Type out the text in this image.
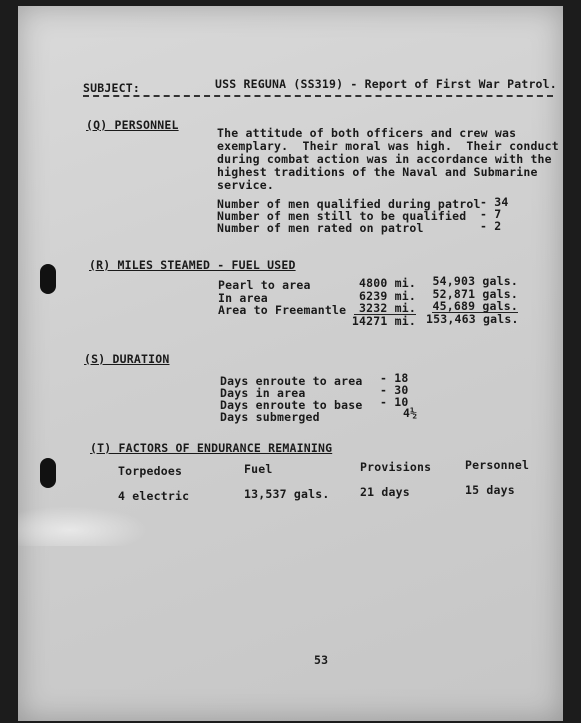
SUBJECT:	USS REGUNA (SS319) - Report of First War Patrol.
(Q) PERSONNEL
The attitude of both officers and crew was
exemplary.  Their moral was high.  Their conduct
during combat action was in accordance with the
highest traditions of the Naval and Submarine
service.
Number of men qualified during patrol - 34
Number of men still to be qualified - 7
Number of men rated on patrol	- 2
(R) MILES STEAMED - FUEL USED
Pearl to area	4800 mi.	54,903 gals.
In area	6239 mi.	52,871 gals.
Area to Freemantle	3232 mi.	45,689 gals.
14271 mi. 153,463 gals.
(S) DURATION
Days enroute to area - 18
Days in area	- 30
Days enroute to base - 10
Days submerged	4½
(T) FACTORS OF ENDURANCE REMAINING
Torpedoes	Fuel	Provisions	Personnel
4 electric	13,537 gals.	21 days	15 days
53
